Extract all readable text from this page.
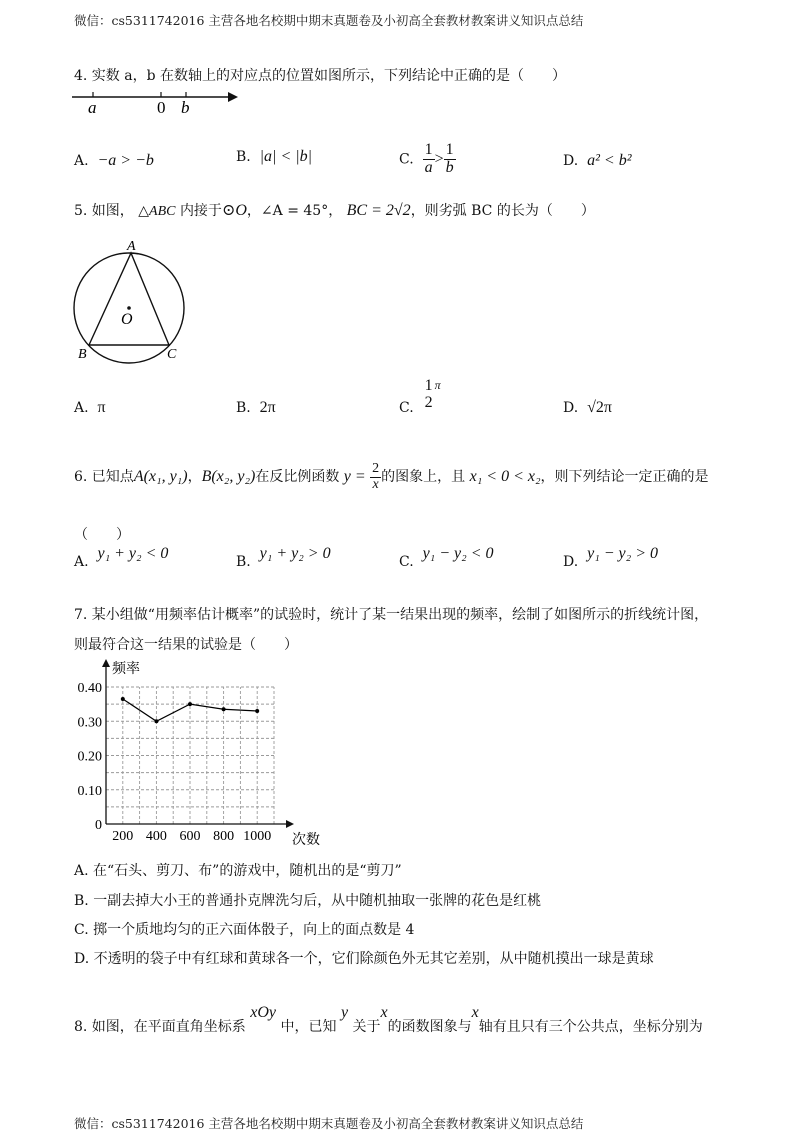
微信：cs5311742016 主营各地名校期中期末真题卷及小初高全套教材教案讲义知识点总结
微信：cs5311742016 主营各地名校期中期末真题卷及小初高全套教材教案讲义知识点总结
4. 实数 a，b 在数轴上的对应点的位置如图所示，下列结论中正确的是（　　）
a	0 b
A. −a > −b	B. |a| < |b|	C. $\frac{1}{a} > \frac{1}{b}$	D. a² < b²
5. 如图， △ABC 内接于⊙O，∠A = 45°， BC = 2√2，则劣弧 BC 的长为（　　）
A
B	C
O
A. π	B. 2π	C.
1
2
π
D. √2π
6. 已知点A(x₁, y₁)，B(x₂, y₂)在反比例函数 $y = \frac{2}{x}$ 的图象上，且 x₁ < 0 < x₂，则下列结论一定正确的是
（　　）
A. y₁ + y₂ < 0	B. y₁ + y₂ > 0	C. y₁ − y₂ < 0	D. y₁ − y₂ > 0
7. 某小组做“用频率估计概率”的试验时，统计了某一结果出现的频率，绘制了如图所示的折线统计图，
则最符合这一结果的试验是（　　）
0.40
0.30
0.20
0.10
0
200 400 600 800 1000
频率
次数
A. 在“石头、剪刀、布”的游戏中，随机出的是“剪刀”
B. 一副去掉大小王的普通扑克牌洗匀后，从中随机抽取一张牌的花色是红桃
C. 掷一个质地均匀的正六面体骰子，向上的面点数是 4
D. 不透明的袋子中有红球和黄球各一个，它们除颜色外无其它差别，从中随机摸出一球是黄球
8. 如图，在平面直角坐标系 xOy 中，已知 y 关于x的函数图象与x轴有且只有三个公共点，坐标分别为
